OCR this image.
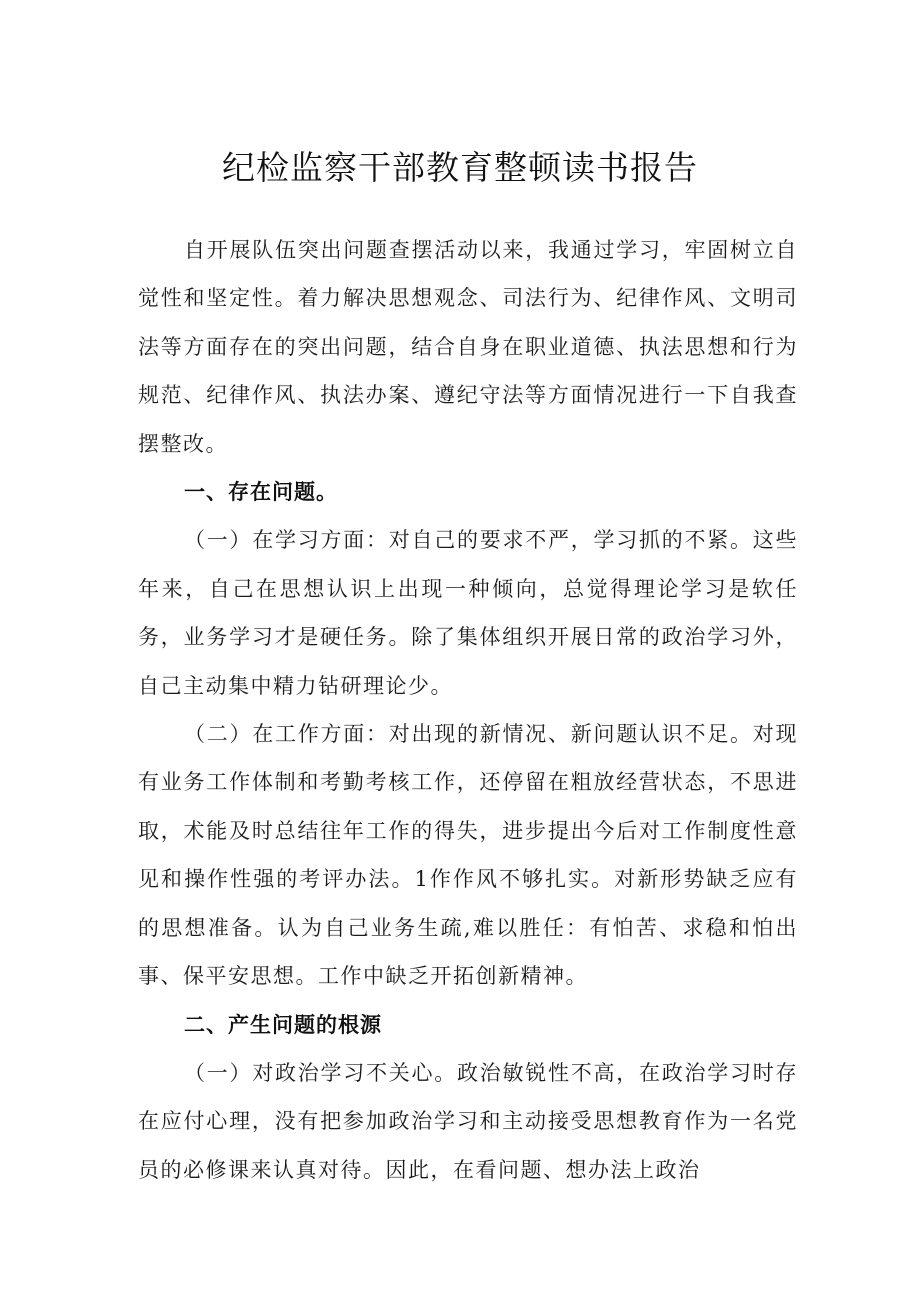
纪检监察干部教育整顿读书报告

自开展队伍突出问题查摆活动以来，我通过学习，牢固树立自觉性和坚定性。着力解决思想观念、司法行为、纪律作风、文明司法等方面存在的突出问题，结合自身在职业道德、执法思想和行为规范、纪律作风、执法办案、遵纪守法等方面情况进行一下自我查摆整改。

一、存在问题。

（一）在学习方面：对自己的要求不严，学习抓的不紧。这些年来，自己在思想认识上出现一种倾向，总觉得理论学习是软任务，业务学习才是硬任务。除了集体组织开展日常的政治学习外，自己主动集中精力钻研理论少。

（二）在工作方面：对出现的新情况、新问题认识不足。对现有业务工作体制和考勤考核工作，还停留在粗放经营状态，不思进取，术能及时总结往年工作的得失，进步提出今后对工作制度性意见和操作性强的考评办法。1作作风不够扎实。对新形势缺乏应有的思想准备。认为自己业务生疏,难以胜任：有怕苦、求稳和怕出事、保平安思想。工作中缺乏开拓创新精神。

二、产生问题的根源

（一）对政治学习不关心。政治敏锐性不高，在政治学习时存在应付心理，没有把参加政治学习和主动接受思想教育作为一名党员的必修课来认真对待。因此，在看问题、想办法上政治
